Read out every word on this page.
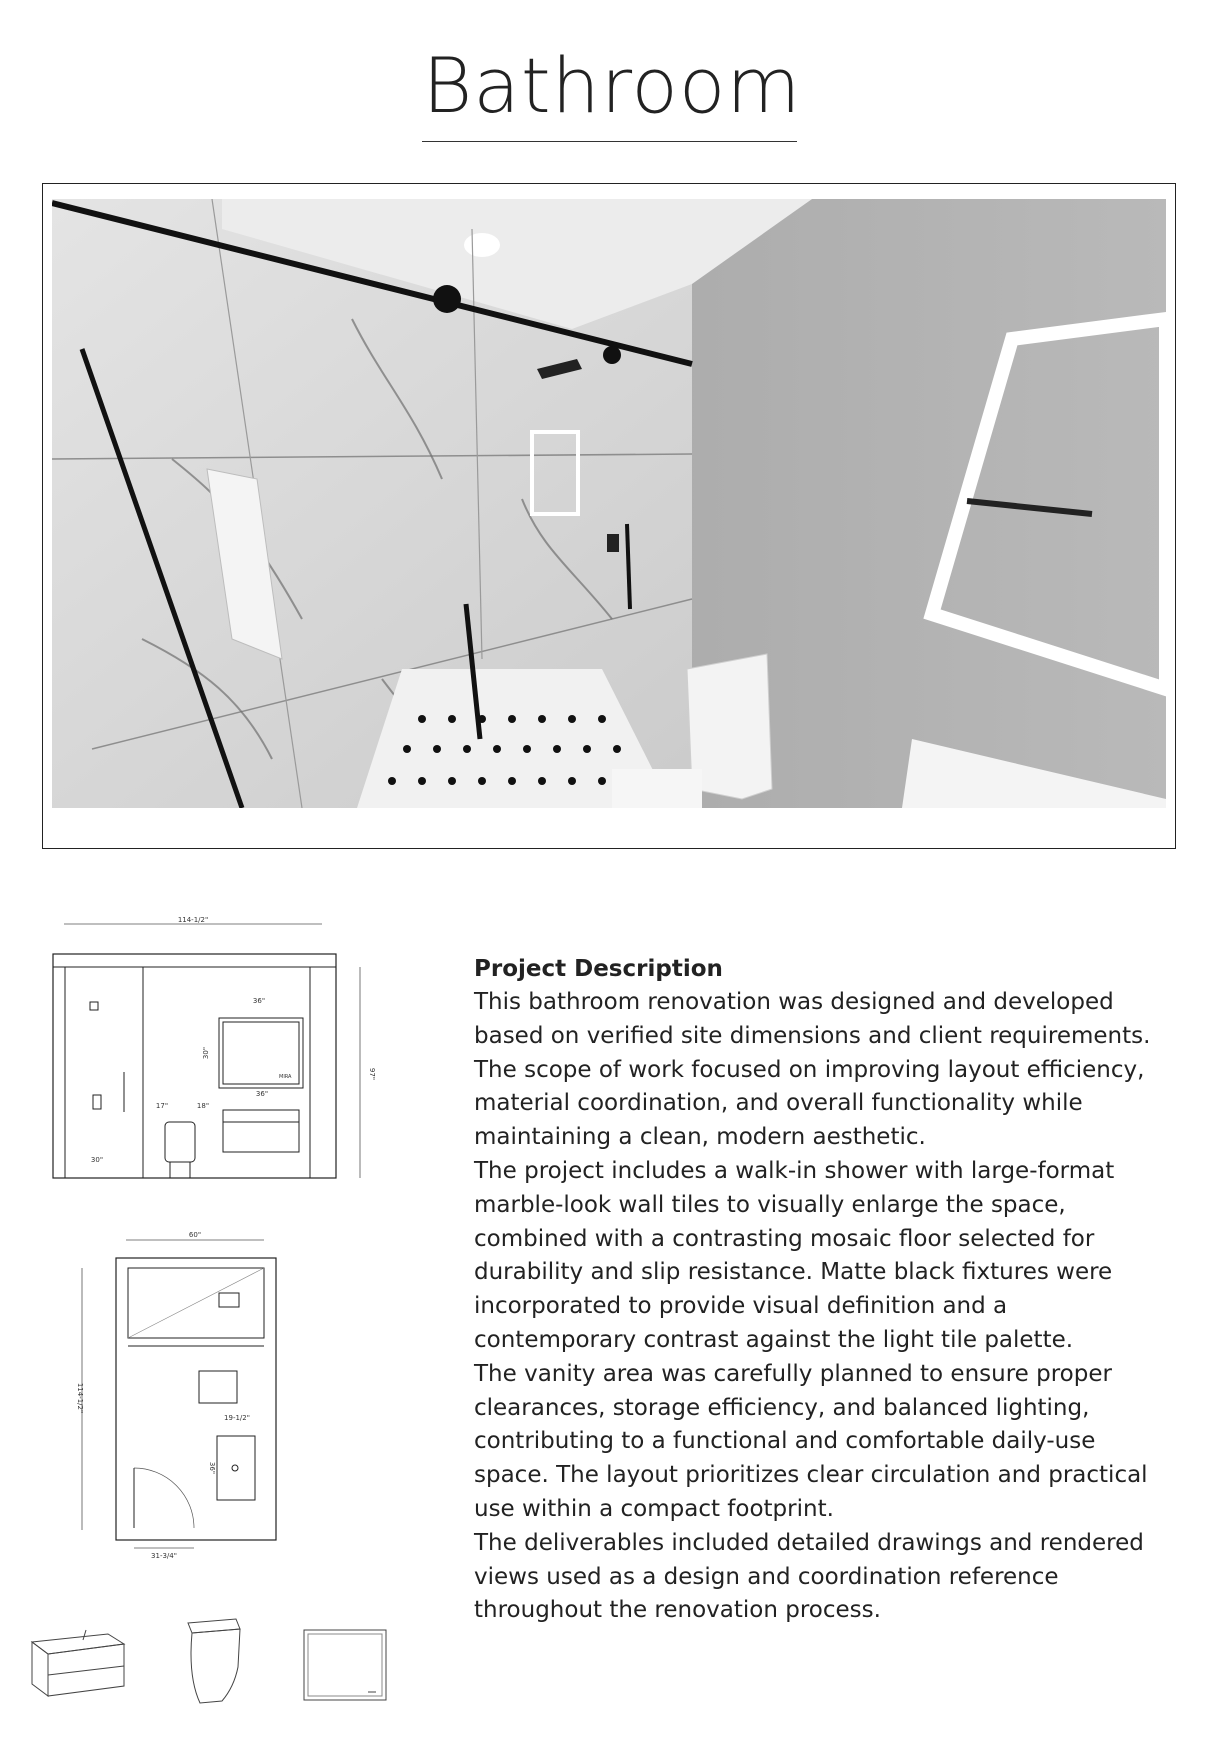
Bathroom
114-1/2"
MIRA
36"
30"
36"
17"	18"
30"
97"
60"
19-1/2"
36"
114-1/2"
31-3/4"
Project Description

This bathroom renovation was designed and developed based on verified site dimensions and client requirements. The scope of work focused on improving layout efficiency, material coordination, and overall functionality while maintaining a clean, modern aesthetic.

The project includes a walk-in shower with large-format marble-look wall tiles to visually enlarge the space, combined with a contrasting mosaic floor selected for durability and slip resistance. Matte black fixtures were incorporated to provide visual definition and a contemporary contrast against the light tile palette.

The vanity area was carefully planned to ensure proper clearances, storage efficiency, and balanced lighting, contributing to a functional and comfortable daily-use space. The layout prioritizes clear circulation and practical use within a compact footprint.

The deliverables included detailed drawings and rendered views used as a design and coordination reference throughout the renovation process.
